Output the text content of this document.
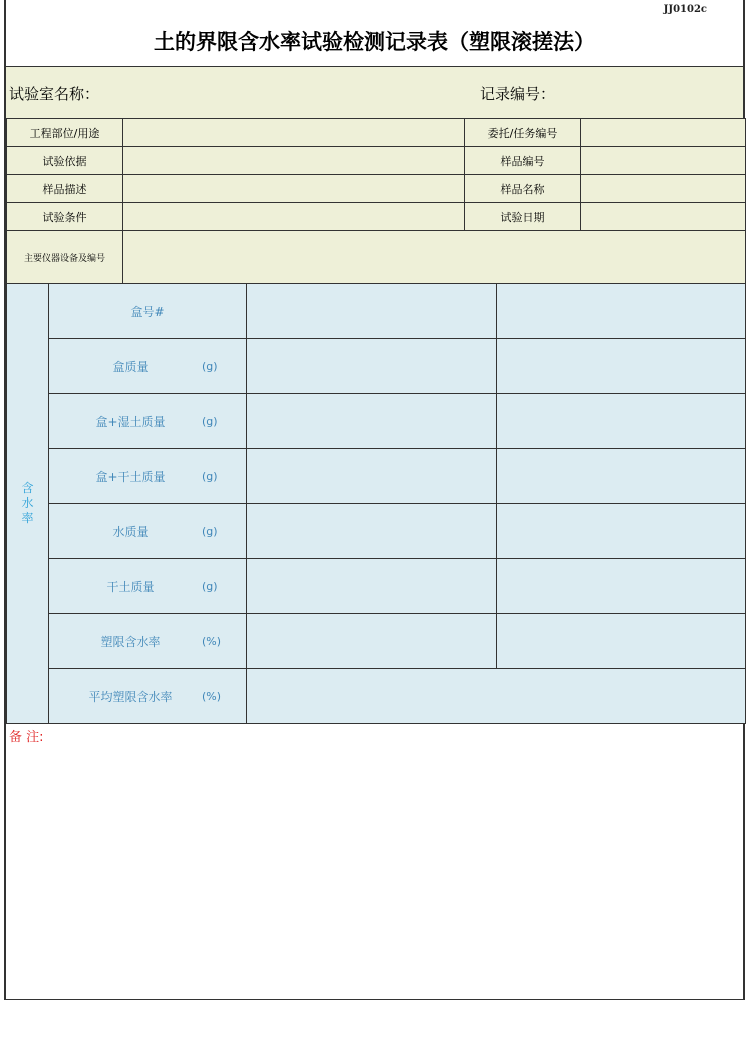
JJ0102c
土的界限含水率试验检测记录表（塑限滚搓法）
试验室名称：	记录编号：
工程部位/用途		委托/任务编号	
试验依据		样品编号	
样品描述		样品名称	
试验条件		试验日期	
主要仪器设备及编号			
含
水
率	盒号#		

	盒质量 (g)		

	盒+湿土质量 (g)		

	盒+干土质量 (g)		

	水质量 (g)		

	干土质量 (g)		

	塑限含水率 (%)		

	平均塑限含水率 (%)		

备 注:
